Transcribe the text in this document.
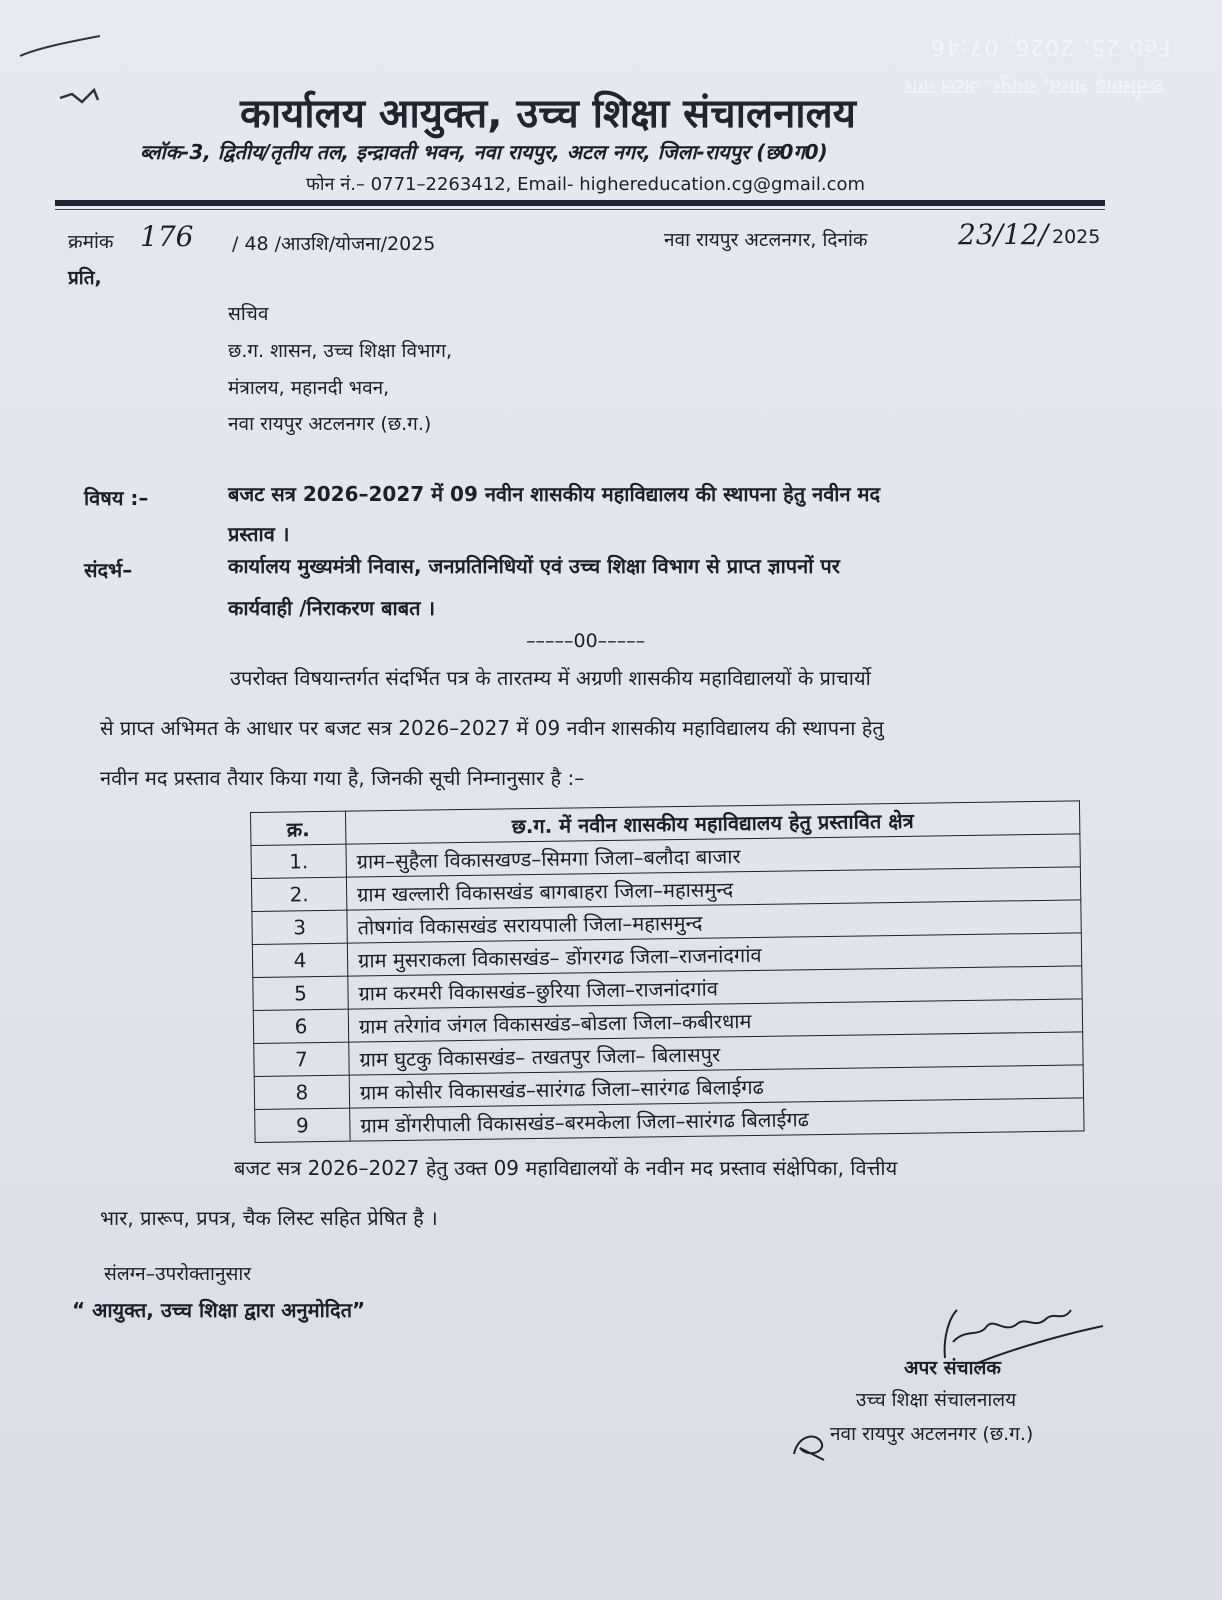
Feb 25, 2026, 07:46
छत्तीसगढ़ भारत, रायपुर, अटल नगर
कार्यालय आयुक्त, उच्च शिक्षा संचालनालय
ब्लॉक-3, द्वितीय/तृतीय तल, इन्द्रावती भवन, नवा रायपुर, अटल नगर, जिला-रायपुर (छ0ग0)
फोन नं.– 0771–2263412, Email- highereducation.cg@gmail.com
क्रमांक 176 / 48 /आउशि/योजना/2025	नवा रायपुर अटलनगर, दिनांक	23/12/ 2025
प्रति,
सचिव
छ.ग. शासन, उच्च शिक्षा विभाग,
मंत्रालय, महानदी भवन,
नवा रायपुर अटलनगर (छ.ग.)
विषय :–	बजट सत्र 2026–2027 में 09 नवीन शासकीय महाविद्यालय की स्थापना हेतु नवीन मद
प्रस्ताव ।
संदर्भ–	कार्यालय मुख्यमंत्री निवास, जनप्रतिनिधियों एवं उच्च शिक्षा विभाग से प्राप्त ज्ञापनों पर
कार्यवाही /निराकरण बाबत ।
–––––00–––––
उपरोक्त विषयान्तर्गत संदर्भित पत्र के तारतम्य में अग्रणी शासकीय महाविद्यालयों के प्राचार्यो
से प्राप्त अभिमत के आधार पर बजट सत्र 2026–2027 में 09 नवीन शासकीय महाविद्यालय की स्थापना हेतु
नवीन मद प्रस्ताव तैयार किया गया है, जिनकी सूची निम्नानुसार है :–
क्र.	छ.ग. में नवीन शासकीय महाविद्यालय हेतु प्रस्तावित क्षेत्र
1.	ग्राम–सुहैला विकासखण्ड–सिमगा जिला–बलौदा बाजार
2.	ग्राम खल्लारी विकासखंड बागबाहरा जिला–महासमुन्द
3	तोषगांव विकासखंड सरायपाली जिला–महासमुन्द
4	ग्राम मुसराकला विकासखंड– डोंगरगढ जिला–राजनांदगांव
5	ग्राम करमरी विकासखंड–छुरिया जिला–राजनांदगांव
6	ग्राम तरेगांव जंगल विकासखंड–बोडला जिला–कबीरधाम
7	ग्राम घुटकु विकासखंड– तखतपुर जिला– बिलासपुर
8	ग्राम कोसीर विकासखंड–सारंगढ जिला–सारंगढ बिलाईगढ
9	ग्राम डोंगरीपाली विकासखंड–बरमकेला जिला–सारंगढ बिलाईगढ
बजट सत्र 2026–2027 हेतु उक्त 09 महाविद्यालयों के नवीन मद प्रस्ताव संक्षेपिका, वित्तीय
भार, प्रारूप, प्रपत्र, चैक लिस्ट सहित प्रेषित है ।
संलग्न–उपरोक्तानुसार
“ आयुक्त, उच्च शिक्षा द्वारा अनुमोदित”
अपर संचालक
उच्च शिक्षा संचालनालय
नवा रायपुर अटलनगर (छ.ग.)
